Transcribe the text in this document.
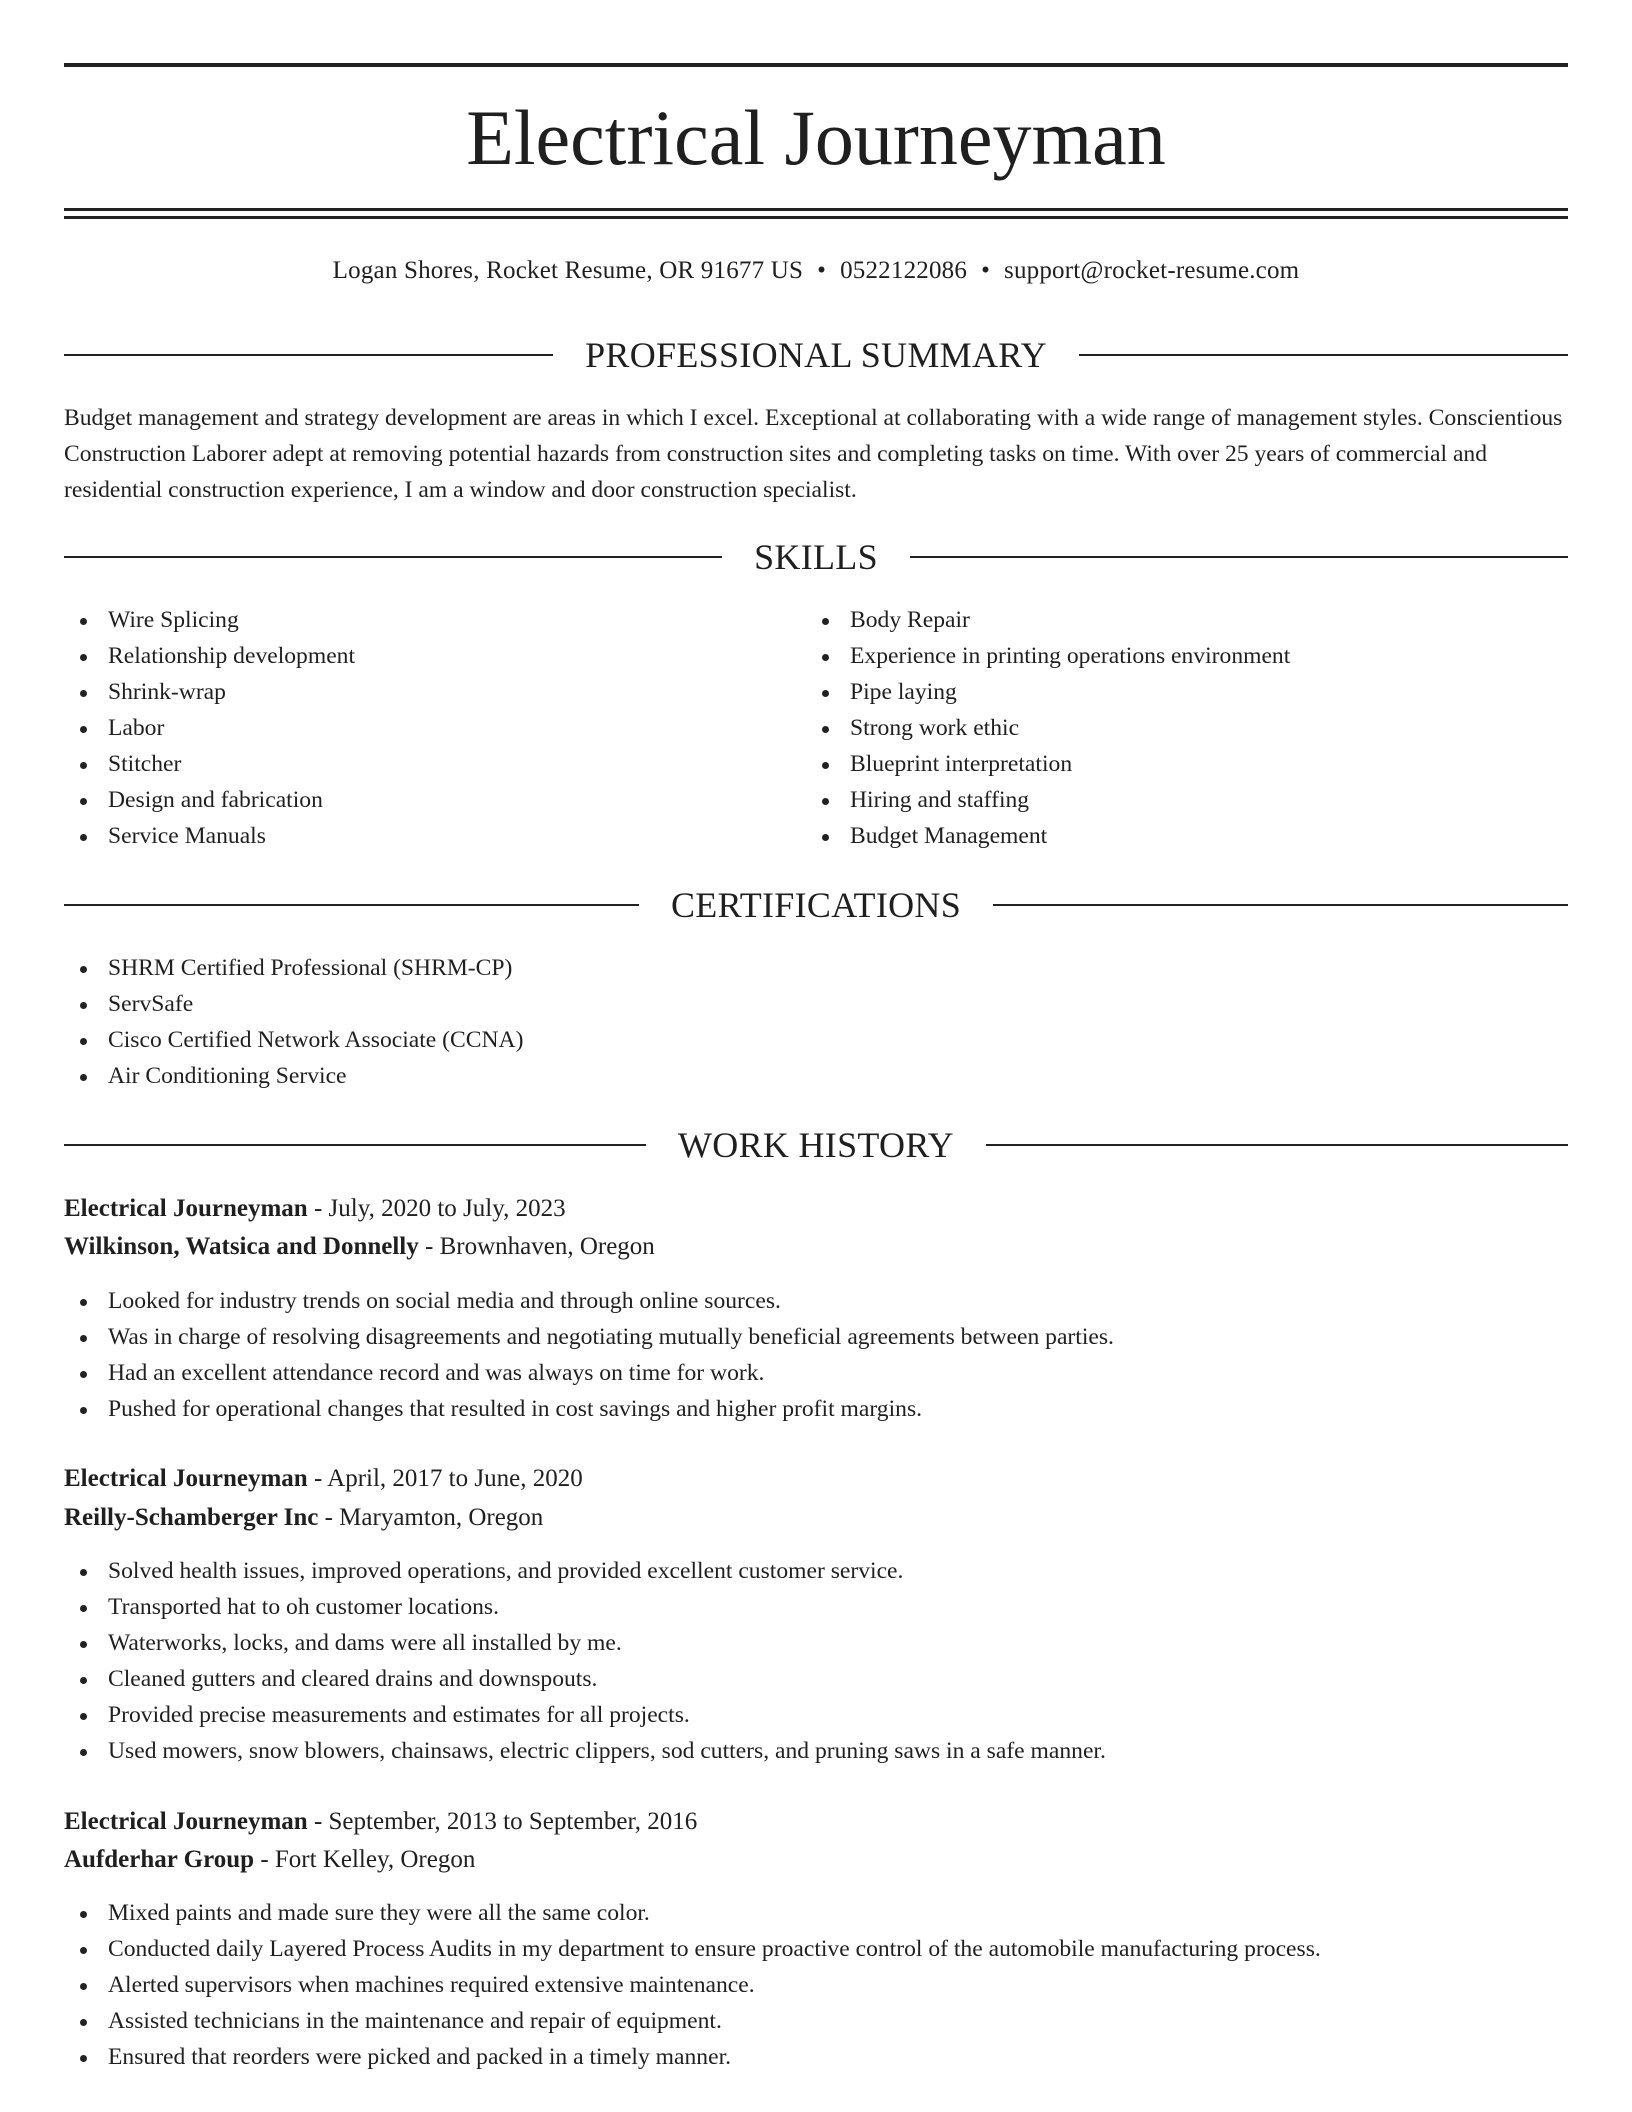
Electrical Journeyman
Logan Shores, Rocket Resume, OR 91677 US • 0522122086 • support@rocket-resume.com
PROFESSIONAL SUMMARY

Budget management and strategy development are areas in which I excel. Exceptional at collaborating with a wide range of management styles. Conscientious Construction Laborer adept at removing potential hazards from construction sites and completing tasks on time. With over 25 years of commercial and residential construction experience, I am a window and door construction specialist.

SKILLS
Wire Splicing
Relationship development
Shrink-wrap
Labor
Stitcher
Design and fabrication
Service Manuals
Body Repair
Experience in printing operations environment
Pipe laying
Strong work ethic
Blueprint interpretation
Hiring and staffing
Budget Management
CERTIFICATIONS
SHRM Certified Professional (SHRM-CP)
ServSafe
Cisco Certified Network Associate (CCNA)
Air Conditioning Service
WORK HISTORY
Electrical Journeyman - July, 2020 to July, 2023
Wilkinson, Watsica and Donnelly - Brownhaven, Oregon
Looked for industry trends on social media and through online sources.
Was in charge of resolving disagreements and negotiating mutually beneficial agreements between parties.
Had an excellent attendance record and was always on time for work.
Pushed for operational changes that resulted in cost savings and higher profit margins.
Electrical Journeyman - April, 2017 to June, 2020
Reilly-Schamberger Inc - Maryamton, Oregon
Solved health issues, improved operations, and provided excellent customer service.
Transported hat to oh customer locations.
Waterworks, locks, and dams were all installed by me.
Cleaned gutters and cleared drains and downspouts.
Provided precise measurements and estimates for all projects.
Used mowers, snow blowers, chainsaws, electric clippers, sod cutters, and pruning saws in a safe manner.
Electrical Journeyman - September, 2013 to September, 2016
Aufderhar Group - Fort Kelley, Oregon
Mixed paints and made sure they were all the same color.
Conducted daily Layered Process Audits in my department to ensure proactive control of the automobile manufacturing process.
Alerted supervisors when machines required extensive maintenance.
Assisted technicians in the maintenance and repair of equipment.
Ensured that reorders were picked and packed in a timely manner.
